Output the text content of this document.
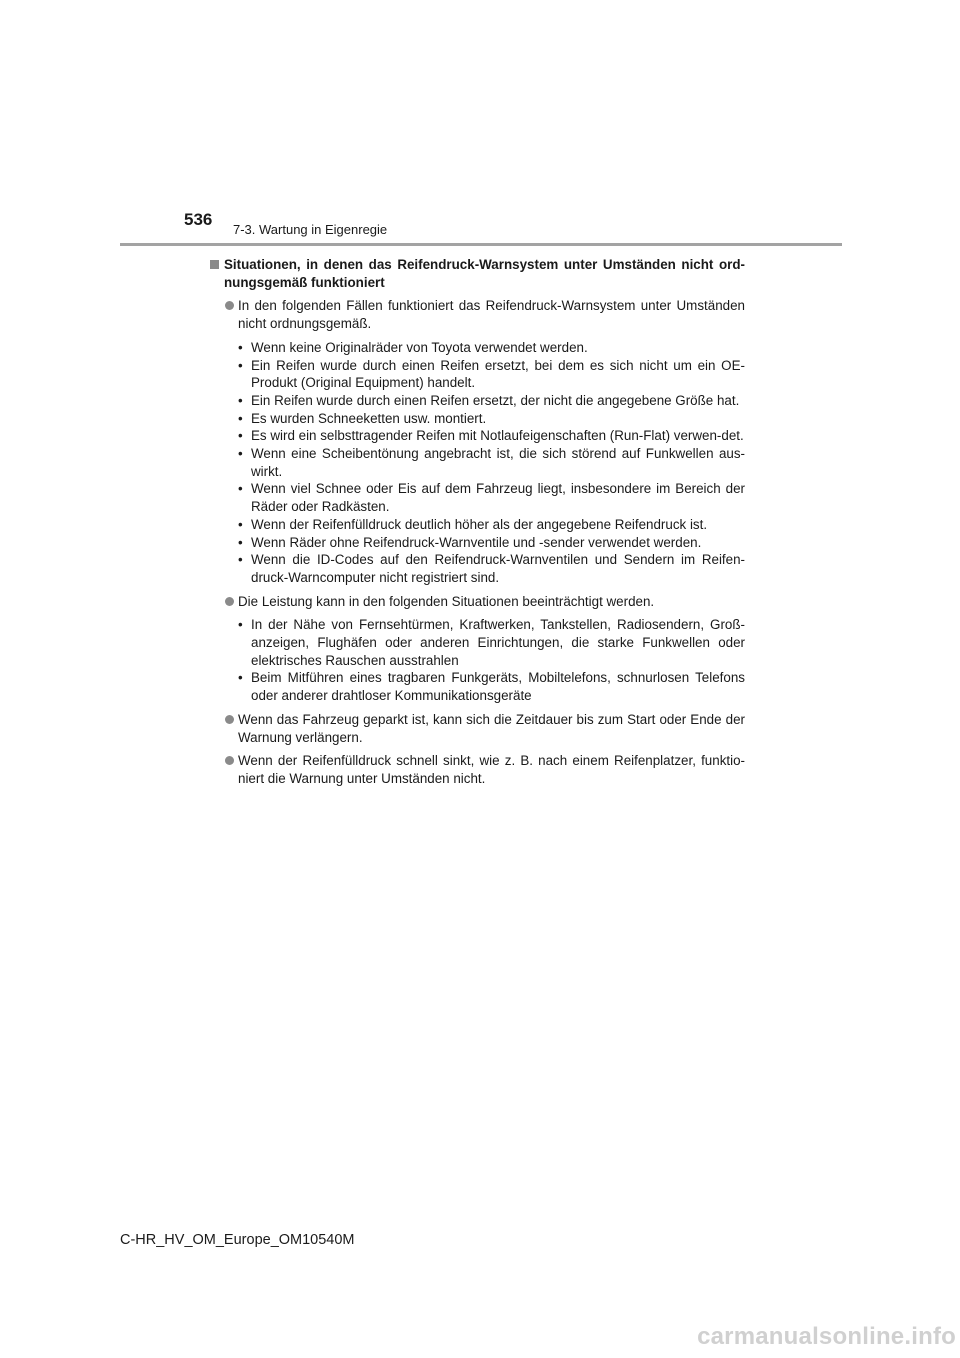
536
7-3. Wartung in Eigenregie
Situationen, in denen das Reifendruck-Warnsystem unter Umständen nicht ord-nungsgemäß funktioniert
In den folgenden Fällen funktioniert das Reifendruck-Warnsystem unter Umständen nicht ordnungsgemäß.
• Wenn keine Originalräder von Toyota verwendet werden.
• Ein Reifen wurde durch einen Reifen ersetzt, bei dem es sich nicht um ein OE-Produkt (Original Equipment) handelt.
• Ein Reifen wurde durch einen Reifen ersetzt, der nicht die angegebene Größe hat.
• Es wurden Schneeketten usw. montiert.
• Es wird ein selbsttragender Reifen mit Notlaufeigenschaften (Run-Flat) verwen-det.
• Wenn eine Scheibentönung angebracht ist, die sich störend auf Funkwellen aus-wirkt.
• Wenn viel Schnee oder Eis auf dem Fahrzeug liegt, insbesondere im Bereich der Räder oder Radkästen.
• Wenn der Reifenfülldruck deutlich höher als der angegebene Reifendruck ist.
• Wenn Räder ohne Reifendruck-Warnventile und -sender verwendet werden.
• Wenn die ID-Codes auf den Reifendruck-Warnventilen und Sendern im Reifen-druck-Warncomputer nicht registriert sind.
Die Leistung kann in den folgenden Situationen beeinträchtigt werden.
• In der Nähe von Fernsehtürmen, Kraftwerken, Tankstellen, Radiosendern, Groß-anzeigen, Flughäfen oder anderen Einrichtungen, die starke Funkwellen oder elektrisches Rauschen ausstrahlen
• Beim Mitführen eines tragbaren Funkgeräts, Mobiltelefons, schnurlosen Telefons oder anderer drahtloser Kommunikationsgeräte
Wenn das Fahrzeug geparkt ist, kann sich die Zeitdauer bis zum Start oder Ende der Warnung verlängern.
Wenn der Reifenfülldruck schnell sinkt, wie z. B. nach einem Reifenplatzer, funktio-niert die Warnung unter Umständen nicht.
C-HR_HV_OM_Europe_OM10540M
carmanualsonline.info
